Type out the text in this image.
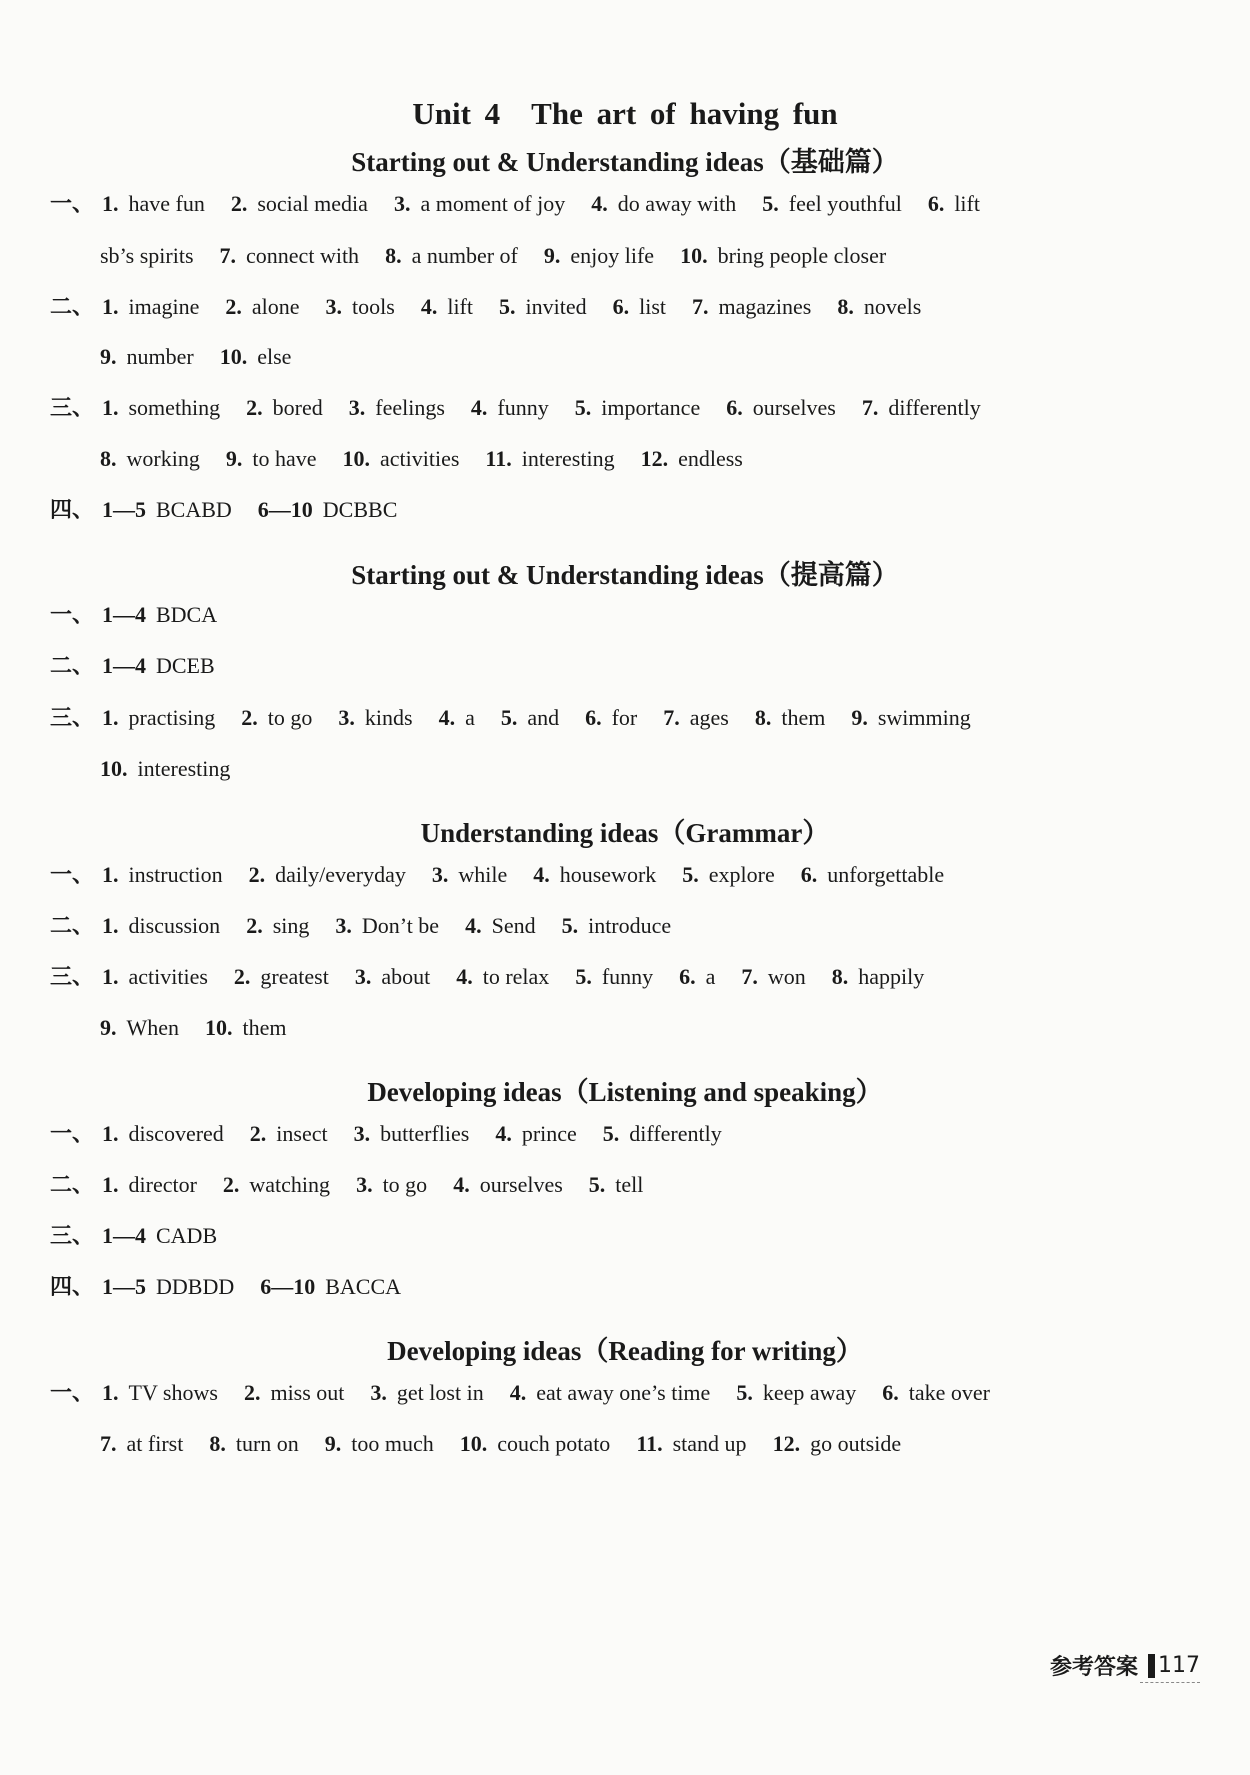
Unit 4　The art of having fun
Starting out & Understanding ideas（基础篇）
一、 1. have fun 2. social media 3. a moment of joy 4. do away with 5. feel youthful 6. lift
sb’s spirits 7. connect with 8. a number of 9. enjoy life 10. bring people closer
二、 1. imagine 2. alone 3. tools 4. lift 5. invited 6. list 7. magazines 8. novels
9. number 10. else
三、 1. something 2. bored 3. feelings 4. funny 5. importance 6. ourselves 7. differently
8. working 9. to have 10. activities 11. interesting 12. endless
四、 1—5 BCABD 6—10 DCBBC
Starting out & Understanding ideas（提高篇）
一、 1—4 BDCA
二、 1—4 DCEB
三、 1. practising 2. to go 3. kinds 4. a 5. and 6. for 7. ages 8. them 9. swimming
10. interesting
Understanding ideas（Grammar）
一、 1. instruction 2. daily/everyday 3. while 4. housework 5. explore 6. unforgettable
二、 1. discussion 2. sing 3. Don’t be 4. Send 5. introduce
三、 1. activities 2. greatest 3. about 4. to relax 5. funny 6. a 7. won 8. happily
9. When 10. them
Developing ideas（Listening and speaking）
一、 1. discovered 2. insect 3. butterflies 4. prince 5. differently
二、 1. director 2. watching 3. to go 4. ourselves 5. tell
三、 1—4 CADB
四、 1—5 DDBDD 6—10 BACCA
Developing ideas（Reading for writing）
一、 1. TV shows 2. miss out 3. get lost in 4. eat away one’s time 5. keep away 6. take over
7. at first 8. turn on 9. too much 10. couch potato 11. stand up 12. go outside
参考答案 117
